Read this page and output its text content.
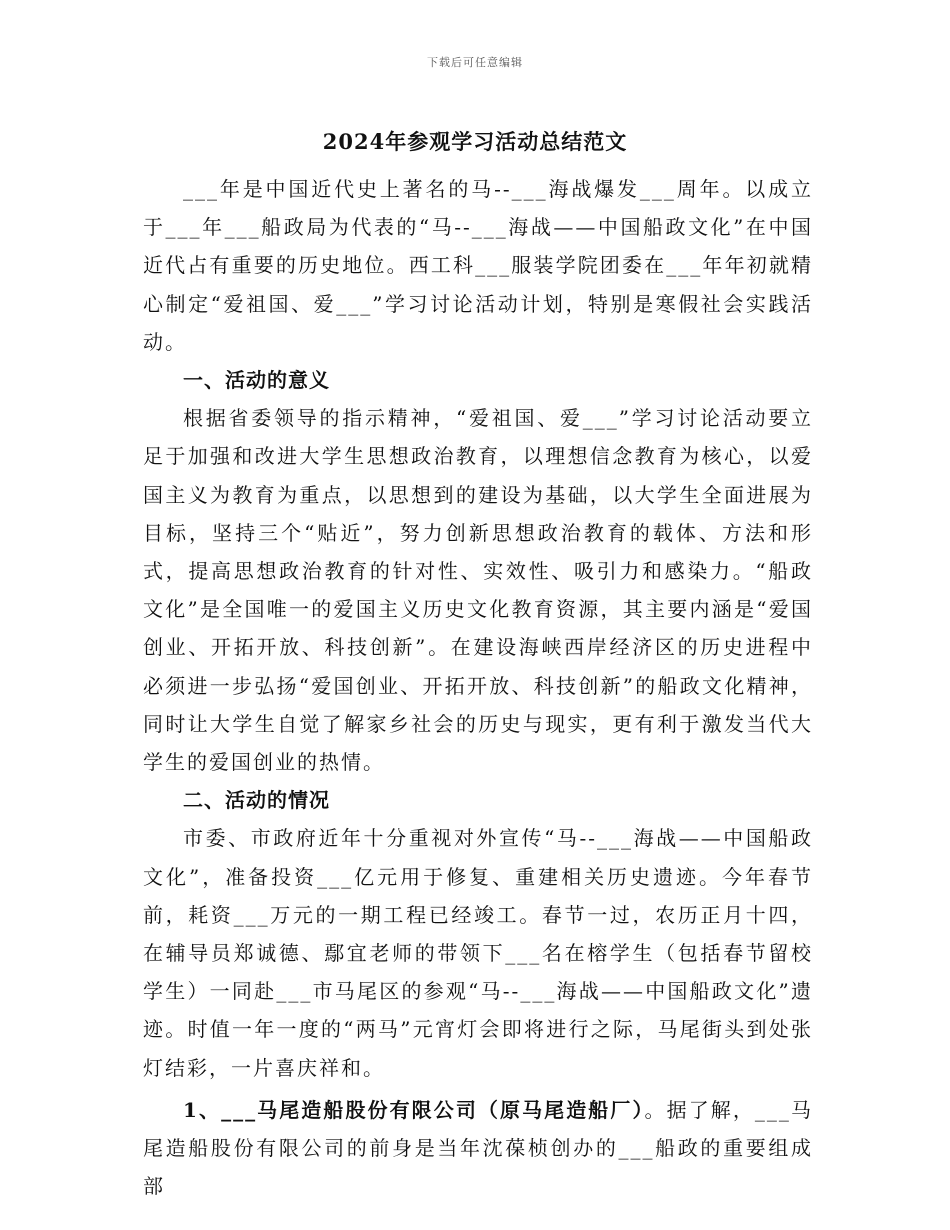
下载后可任意编辑
2024年参观学习活动总结范文

___年是中国近代史上著名的马--___海战爆发___周年。以成立于___年___船政局为代表的“马--___海战——中国船政文化”在中国近代占有重要的历史地位。西工科___服装学院团委在___年年初就精心制定“爱祖国、爱___”学习讨论活动计划，特别是寒假社会实践活动。

一、活动的意义

根据省委领导的指示精神，“爱祖国、爱___”学习讨论活动要立足于加强和改进大学生思想政治教育，以理想信念教育为核心，以爱国主义为教育为重点，以思想到的建设为基础，以大学生全面进展为目标，坚持三个“贴近”，努力创新思想政治教育的载体、方法和形式，提高思想政治教育的针对性、实效性、吸引力和感染力。“船政文化”是全国唯一的爱国主义历史文化教育资源，其主要内涵是“爱国创业、开拓开放、科技创新”。在建设海峡西岸经济区的历史进程中必须进一步弘扬“爱国创业、开拓开放、科技创新”的船政文化精神，同时让大学生自觉了解家乡社会的历史与现实，更有利于激发当代大学生的爱国创业的热情。

二、活动的情况

市委、市政府近年十分重视对外宣传“马--___海战——中国船政文化”，准备投资___亿元用于修复、重建相关历史遗迹。今年春节前，耗资___万元的一期工程已经竣工。春节一过，农历正月十四，在辅导员郑诚德、鄢宜老师的带领下___名在榕学生（包括春节留校学生）一同赴___市马尾区的参观“马--___海战——中国船政文化”遗迹。时值一年一度的“两马”元宵灯会即将进行之际，马尾街头到处张灯结彩，一片喜庆祥和。

1、___马尾造船股份有限公司（原马尾造船厂）。据了解，___马尾造船股份有限公司的前身是当年沈葆桢创办的___船政的重要组成部
